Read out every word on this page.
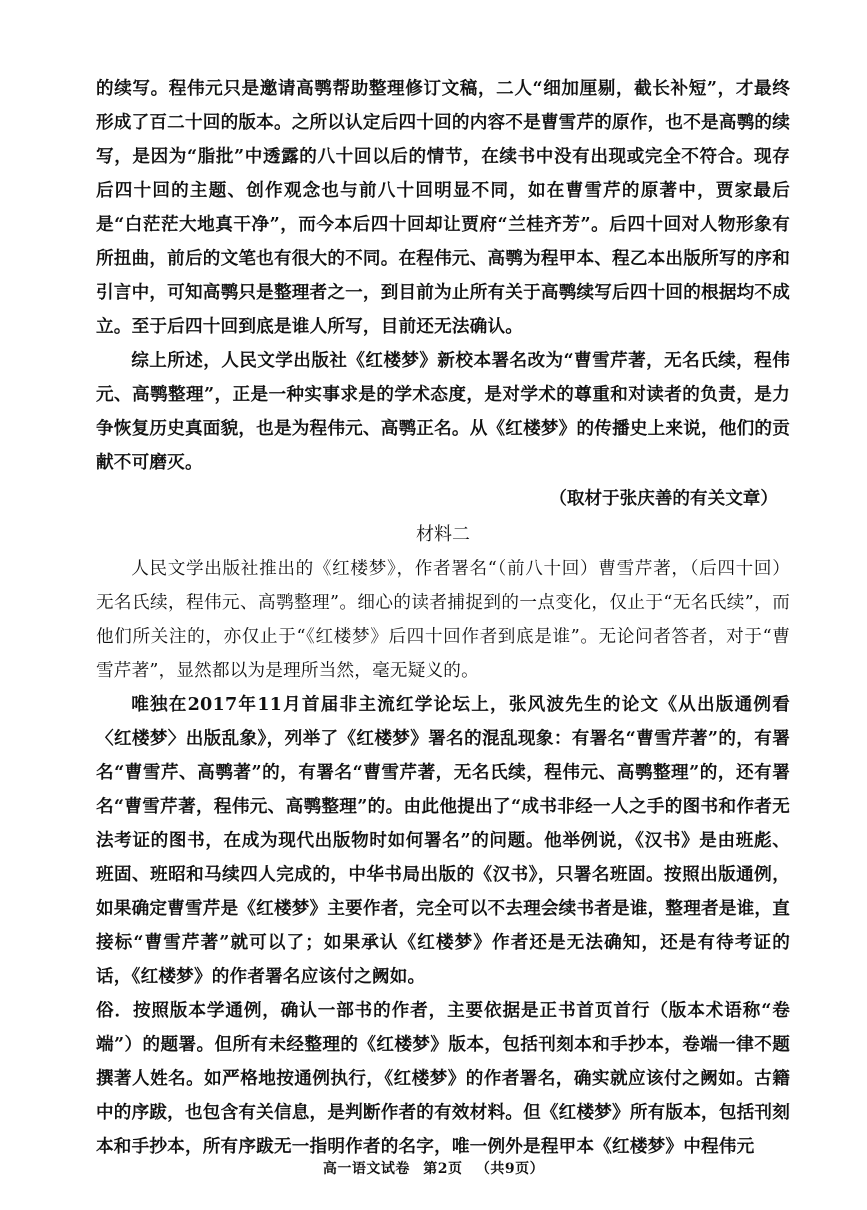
的续写。程伟元只是邀请高鹗帮助整理修订文稿，二人“细加厘剔，截长补短”，才最终形成了百二十回的版本。之所以认定后四十回的内容不是曹雪芹的原作，也不是高鹗的续写，是因为“脂批”中透露的八十回以后的情节，在续书中没有出现或完全不符合。现存后四十回的主题、创作观念也与前八十回明显不同，如在曹雪芹的原著中，贾家最后是“白茫茫大地真干净”，而今本后四十回却让贾府“兰桂齐芳”。后四十回对人物形象有所扭曲，前后的文笔也有很大的不同。在程伟元、高鹗为程甲本、程乙本出版所写的序和引言中，可知高鹗只是整理者之一，到目前为止所有关于高鹗续写后四十回的根据均不成立。至于后四十回到底是谁人所写，目前还无法确认。

综上所述，人民文学出版社《红楼梦》新校本署名改为“曹雪芹著，无名氏续，程伟元、高鹗整理”，正是一种实事求是的学术态度，是对学术的尊重和对读者的负责，是力争恢复历史真面貌，也是为程伟元、高鹗正名。从《红楼梦》的传播史上来说，他们的贡献不可磨灭。

（取材于张庆善的有关文章）

材料二

人民文学出版社推出的《红楼梦》，作者署名“（前八十回）曹雪芹著，（后四十回）无名氏续，程伟元、高鹗整理”。细心的读者捕捉到的一点变化，仅止于“无名氏续”，而他们所关注的，亦仅止于“《红楼梦》后四十回作者到底是谁”。无论问者答者，对于“曹雪芹著”，显然都以为是理所当然，毫无疑义的。

唯独在2017年11月首届非主流红学论坛上，张风波先生的论文《从出版通例看〈红楼梦〉出版乱象》，列举了《红楼梦》署名的混乱现象：有署名“曹雪芹著”的，有署名“曹雪芹、高鹗著”的，有署名“曹雪芹著，无名氏续，程伟元、高鹗整理”的，还有署名“曹雪芹著，程伟元、高鹗整理”的。由此他提出了“成书非经一人之手的图书和作者无法考证的图书，在成为现代出版物时如何署名”的问题。他举例说，《汉书》是由班彪、班固、班昭和马续四人完成的，中华书局出版的《汉书》，只署名班固。按照出版通例，如果确定曹雪芹是《红楼梦》主要作者，完全可以不去理会续书者是谁，整理者是谁，直接标“曹雪芹著”就可以了；如果承认《红楼梦》作者还是无法确知，还是有待考证的话，《红楼梦》的作者署名应该付之阙如。

俗．按照版本学通例，确认一部书的作者，主要依据是正书首页首行（版本术语称“卷端”）的题署。但所有未经整理的《红楼梦》版本，包括刊刻本和手抄本，卷端一律不题撰著人姓名。如严格地按通例执行，《红楼梦》的作者署名，确实就应该付之阙如。古籍中的序跋，也包含有关信息，是判断作者的有效材料。但《红楼梦》所有版本，包括刊刻本和手抄本，所有序跋无一指明作者的名字，唯一例外是程甲本《红楼梦》中程伟元

高一语文试卷 第2页 （共9页）
